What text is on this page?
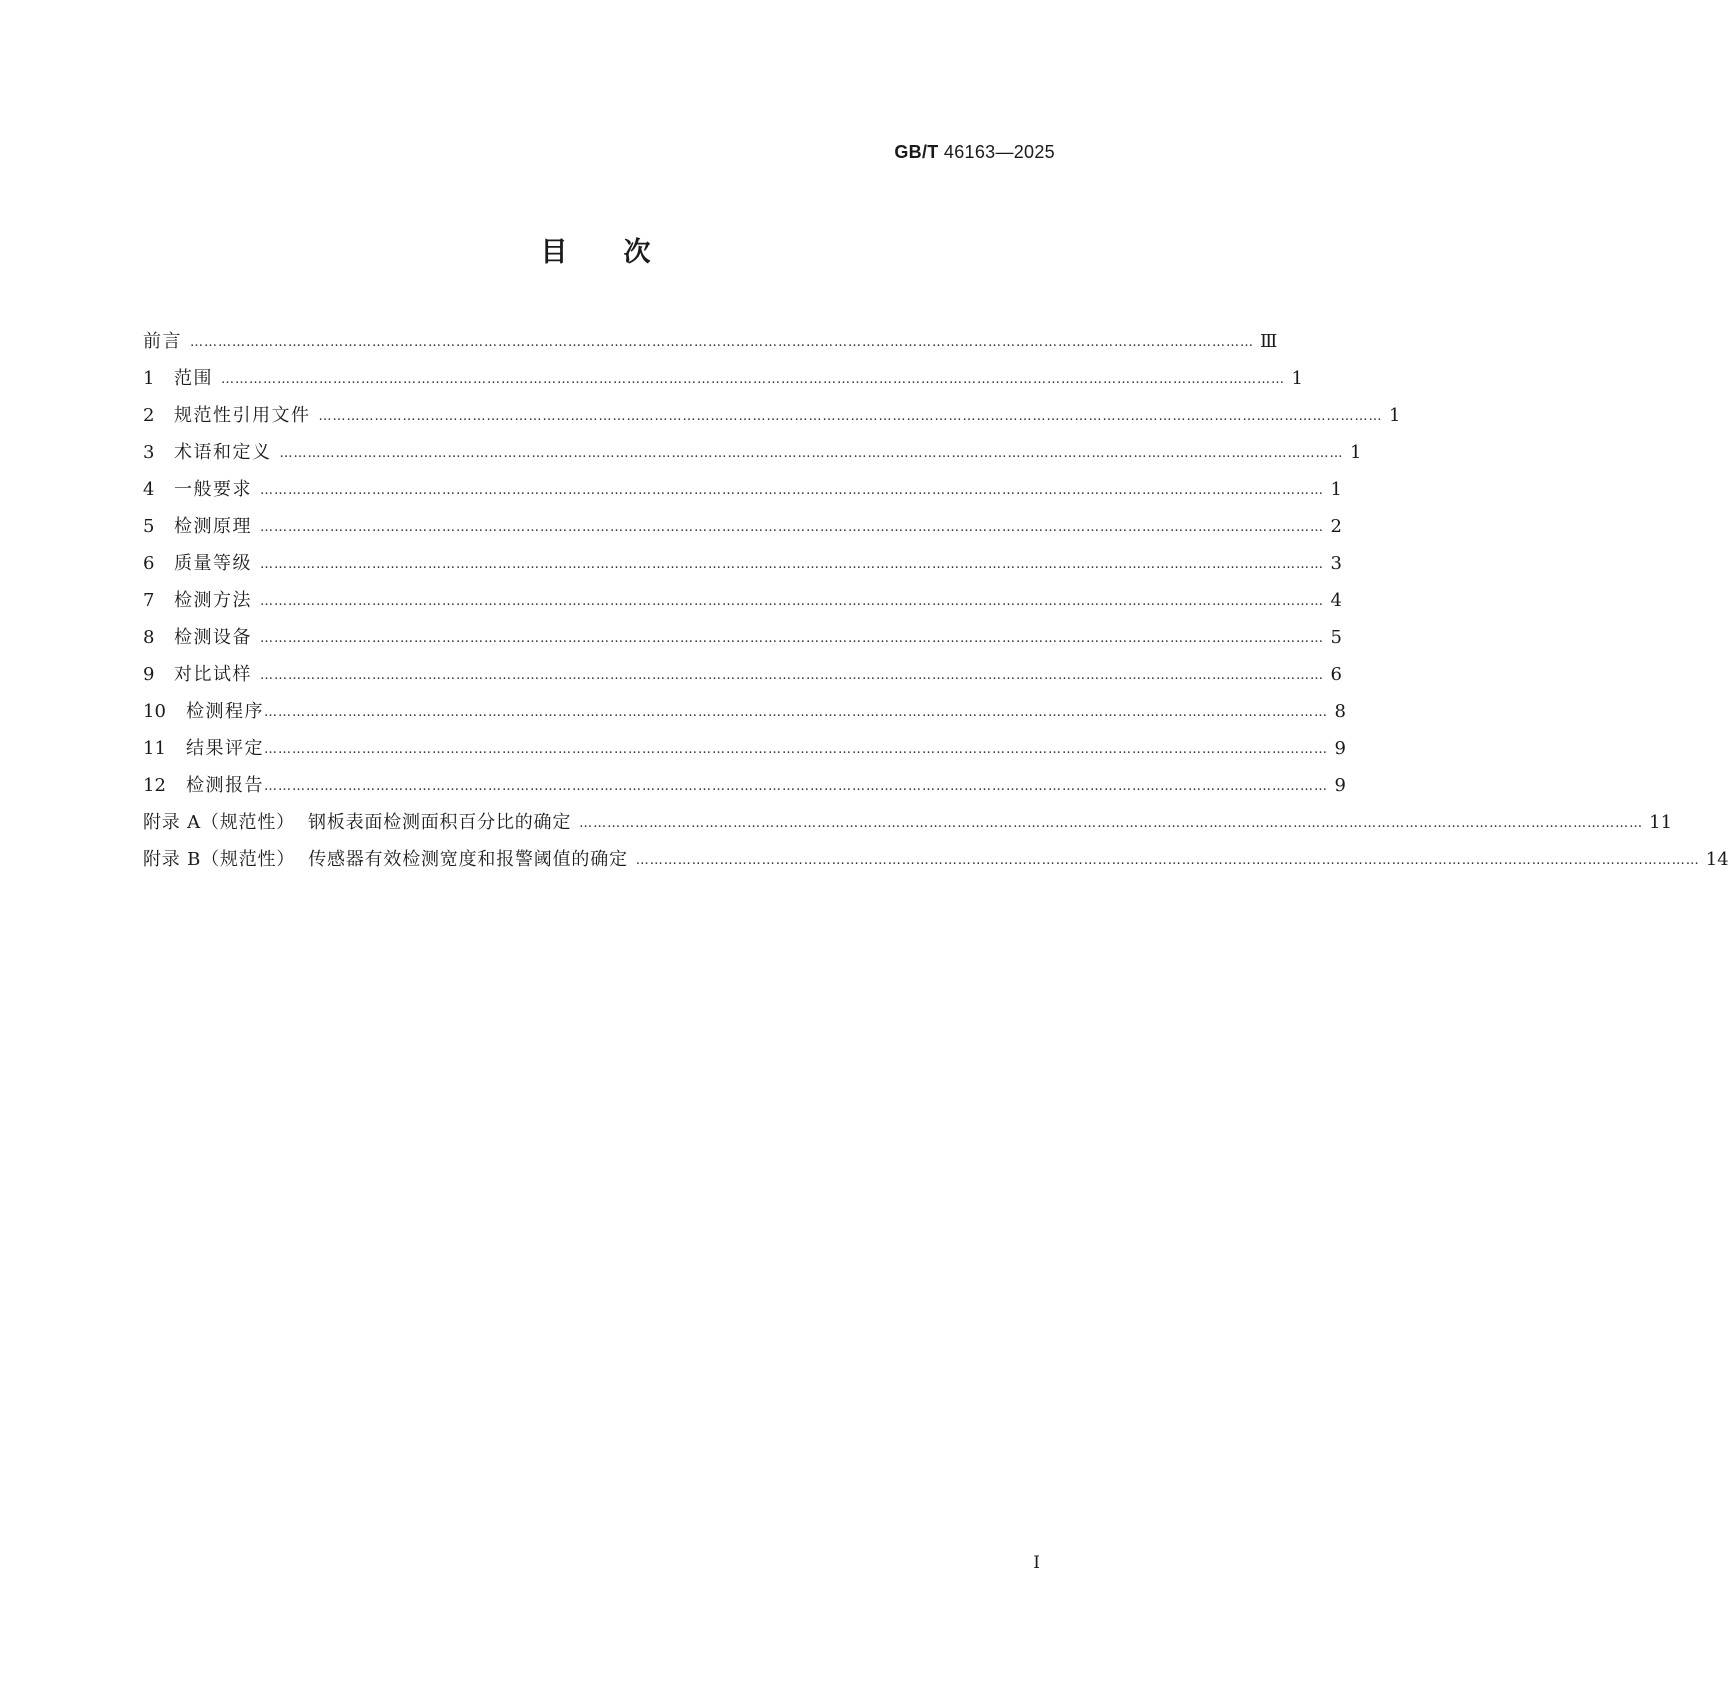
GB/T 46163—2025
目次
前言 ………………………………………………………………………………………………………………………………………………………………………………………………………… Ⅲ
1	范围 ………………………………………………………………………………………………………………………………………………………………………………………………………… 1
2	规范性引用文件 ………………………………………………………………………………………………………………………………………………………………………………………………………… 1
3	术语和定义 ………………………………………………………………………………………………………………………………………………………………………………………………………… 1
4	一般要求 ………………………………………………………………………………………………………………………………………………………………………………………………………… 1
5	检测原理 ………………………………………………………………………………………………………………………………………………………………………………………………………… 2
6	质量等级 ………………………………………………………………………………………………………………………………………………………………………………………………………… 3
7	检测方法 ………………………………………………………………………………………………………………………………………………………………………………………………………… 4
8	检测设备 ………………………………………………………………………………………………………………………………………………………………………………………………………… 5
9	对比试样 ………………………………………………………………………………………………………………………………………………………………………………………………………… 6
10	检测程序 ………………………………………………………………………………………………………………………………………………………………………………………………………… 8
11	结果评定 ………………………………………………………………………………………………………………………………………………………………………………………………………… 9
12	检测报告 ………………………………………………………………………………………………………………………………………………………………………………………………………… 9
附录 A（规范性）  钢板表面检测面积百分比的确定 ………………………………………………………………………………………………………………………………………………………………………………………………………… 11
附录 B（规范性）  传感器有效检测宽度和报警阈值的确定 ………………………………………………………………………………………………………………………………………………………………………………………………………… 14
I
